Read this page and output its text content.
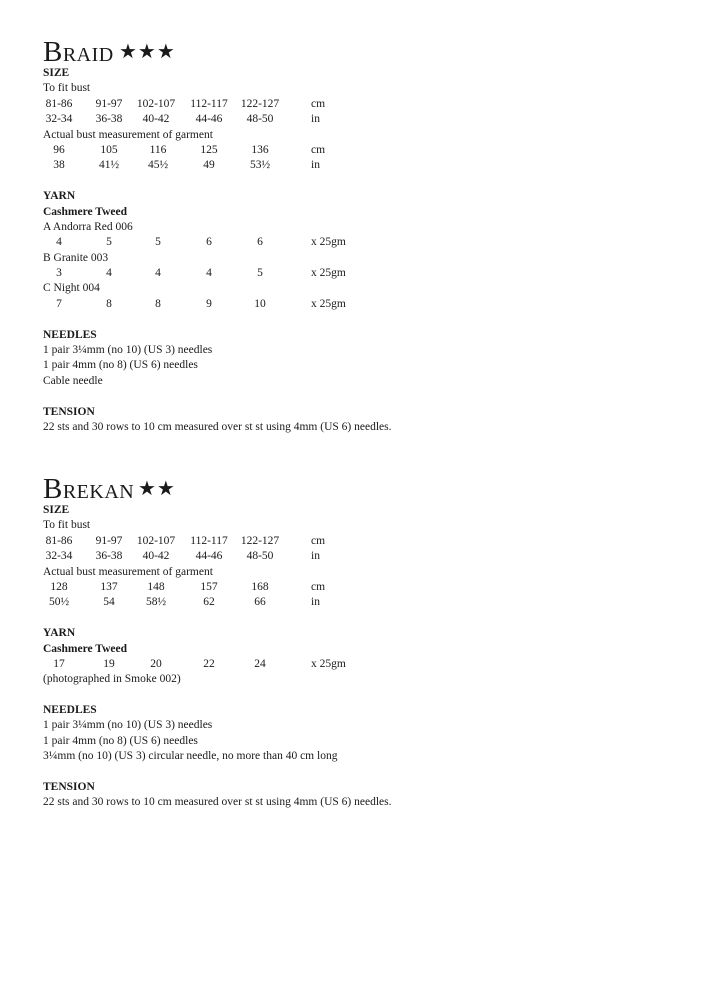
Braid ★★★
SIZE
To fit bust
81-86	91-97	102-107	112-117	122-127	cm
32-34	36-38	40-42	44-46	48-50	in
Actual bust measurement of garment
96	105	116	125	136	cm
38	41½	45½	49	53½	in
YARN
Cashmere Tweed
A Andorra Red 006
4	5	5	6	6	x 25gm
B Granite 003
3	4	4	4	5	x 25gm
C Night 004
7	8	8	9	10	x 25gm
NEEDLES
1 pair 3¼mm (no 10) (US 3) needles
1 pair 4mm (no 8) (US 6) needles
Cable needle
TENSION
22 sts and 30 rows to 10 cm measured over st st using 4mm (US 6) needles.
Brekan ★★
SIZE
To fit bust
81-86	91-97	102-107	112-117	122-127	cm
32-34	36-38	40-42	44-46	48-50	in
Actual bust measurement of garment
128	137	148	157	168	cm
50½	54	58½	62	66	in
YARN
Cashmere Tweed
17	19	20	22	24	x 25gm
(photographed in Smoke 002)
NEEDLES
1 pair 3¼mm (no 10) (US 3) needles
1 pair 4mm (no 8) (US 6) needles
3¼mm (no 10) (US 3) circular needle, no more than 40 cm long
TENSION
22 sts and 30 rows to 10 cm measured over st st using 4mm (US 6) needles.
